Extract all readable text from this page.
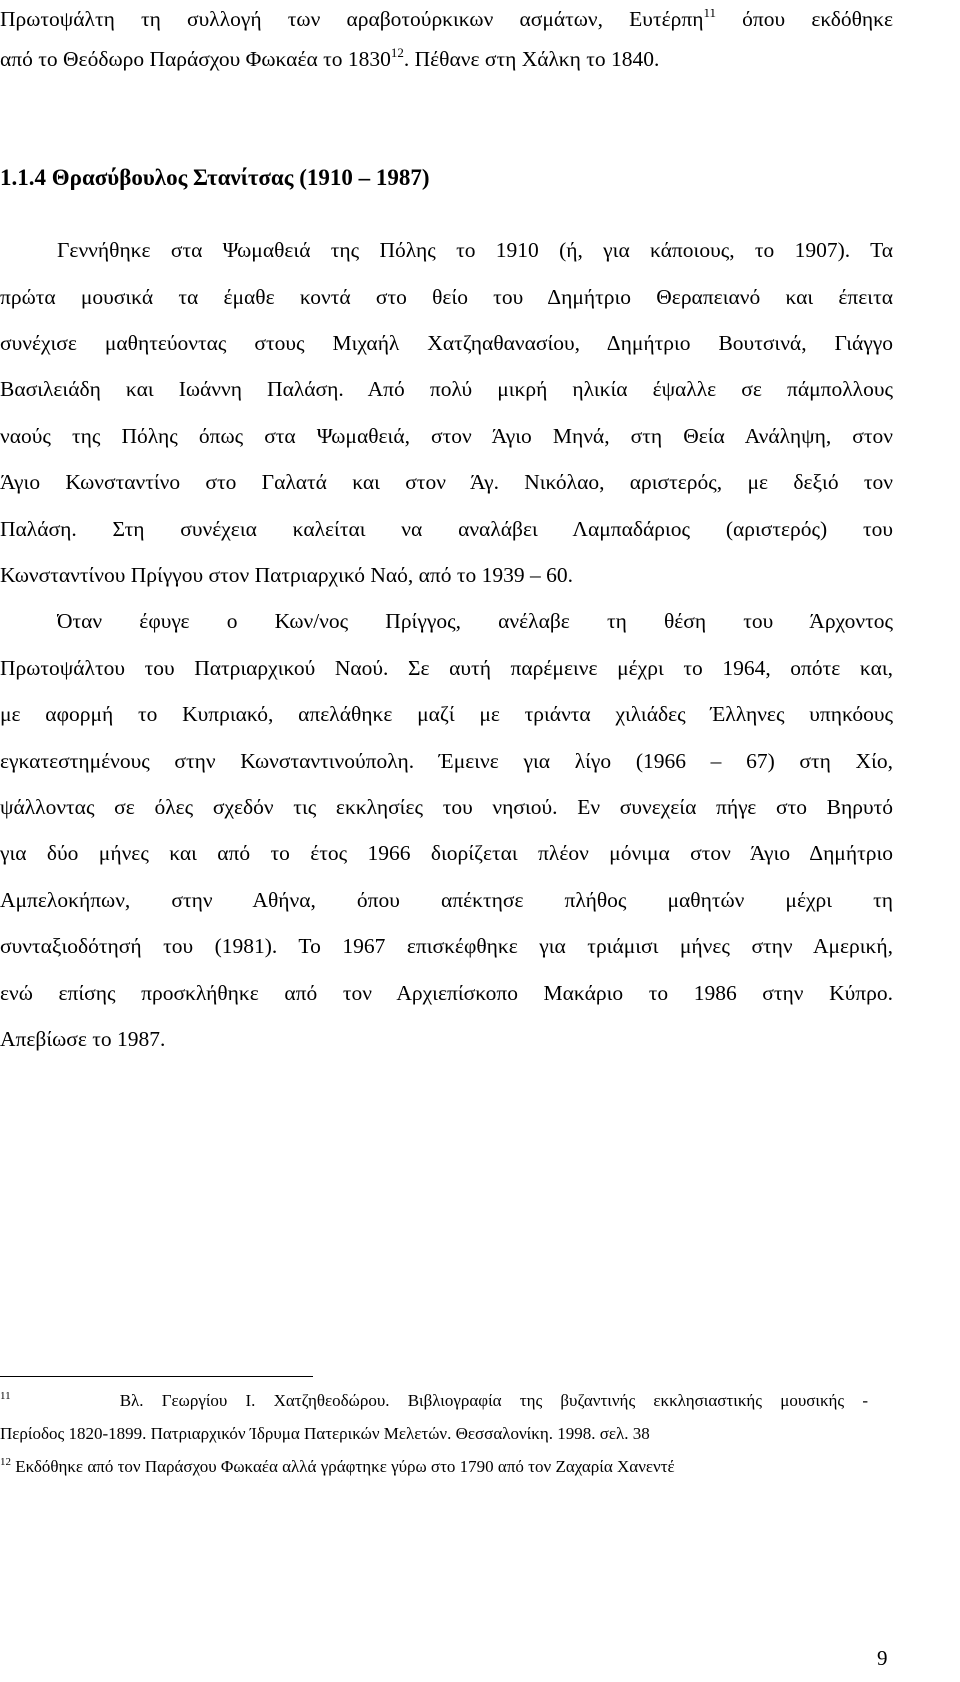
Πρωτοψάλτη τη συλλογή των αραβοτούρκικων ασμάτων, Ευτέρπη$^{11}$ όπου εκδόθηκε

από το Θεόδωρο Παράσχου Φωκαέα το 1830$^{12}$. Πέθανε στη Χάλκη το 1840.

1.1.4 Θρασύβουλος Στανίτσας (1910 – 1987)

Γεννήθηκε στα Ψωμαθειά της Πόλης το 1910 (ή, για κάποιους, το 1907). Τα

πρώτα μουσικά τα έμαθε κοντά στο θείο του Δημήτριο Θεραπειανό και έπειτα

συνέχισε μαθητεύοντας στους Μιχαήλ Χατζηαθανασίου, Δημήτριο Βουτσινά, Γιάγγο

Βασιλειάδη και Ιωάννη Παλάση. Από πολύ μικρή ηλικία έψαλλε σε πάμπολλους

ναούς της Πόλης όπως στα Ψωμαθειά, στον Άγιο Μηνά, στη Θεία Ανάληψη, στον

Άγιο Κωνσταντίνο στο Γαλατά και στον Άγ. Νικόλαο, αριστερός, με δεξιό τον

Παλάση. Στη συνέχεια καλείται να αναλάβει Λαμπαδάριος (αριστερός) του

Κωνσταντίνου Πρίγγου στον Πατριαρχικό Ναό, από το 1939 – 60.

Όταν έφυγε ο Κων/νος Πρίγγος, ανέλαβε τη θέση του Άρχοντος

Πρωτοψάλτου του Πατριαρχικού Ναού. Σε αυτή παρέμεινε μέχρι το 1964, οπότε και,

με αφορμή το Κυπριακό, απελάθηκε μαζί με τριάντα χιλιάδες Έλληνες υπηκόους

εγκατεστημένους στην Κωνσταντινούπολη. Έμεινε για λίγο (1966 – 67) στη Χίο,

ψάλλοντας σε όλες σχεδόν τις εκκλησίες του νησιού. Εν συνεχεία πήγε στο Βηρυτό

για δύο μήνες και από το έτος 1966 διορίζεται πλέον μόνιμα στον Άγιο Δημήτριο

Αμπελοκήπων, στην Αθήνα, όπου απέκτησε πλήθος μαθητών μέχρι τη

συνταξιοδότησή του (1981). Το 1967 επισκέφθηκε για τριάμισι μήνες στην Αμερική,

ενώ επίσης προσκλήθηκε από τον Αρχιεπίσκοπο Μακάριο το 1986 στην Κύπρο.

Απεβίωσε το 1987.

$^{11}$	Βλ. Γεωργίου Ι. Χατζηθεοδώρου. Βιβλιογραφία της βυζαντινής εκκλησιαστικής μουσικής -

Περίοδος 1820-1899. Πατριαρχικόν Ίδρυμα Πατερικών Μελετών. Θεσσαλονίκη. 1998. σελ. 38

$^{12}$ Εκδόθηκε από τον Παράσχου Φωκαέα αλλά γράφτηκε γύρω στο 1790 από τον Ζαχαρία Χανεντέ

9
